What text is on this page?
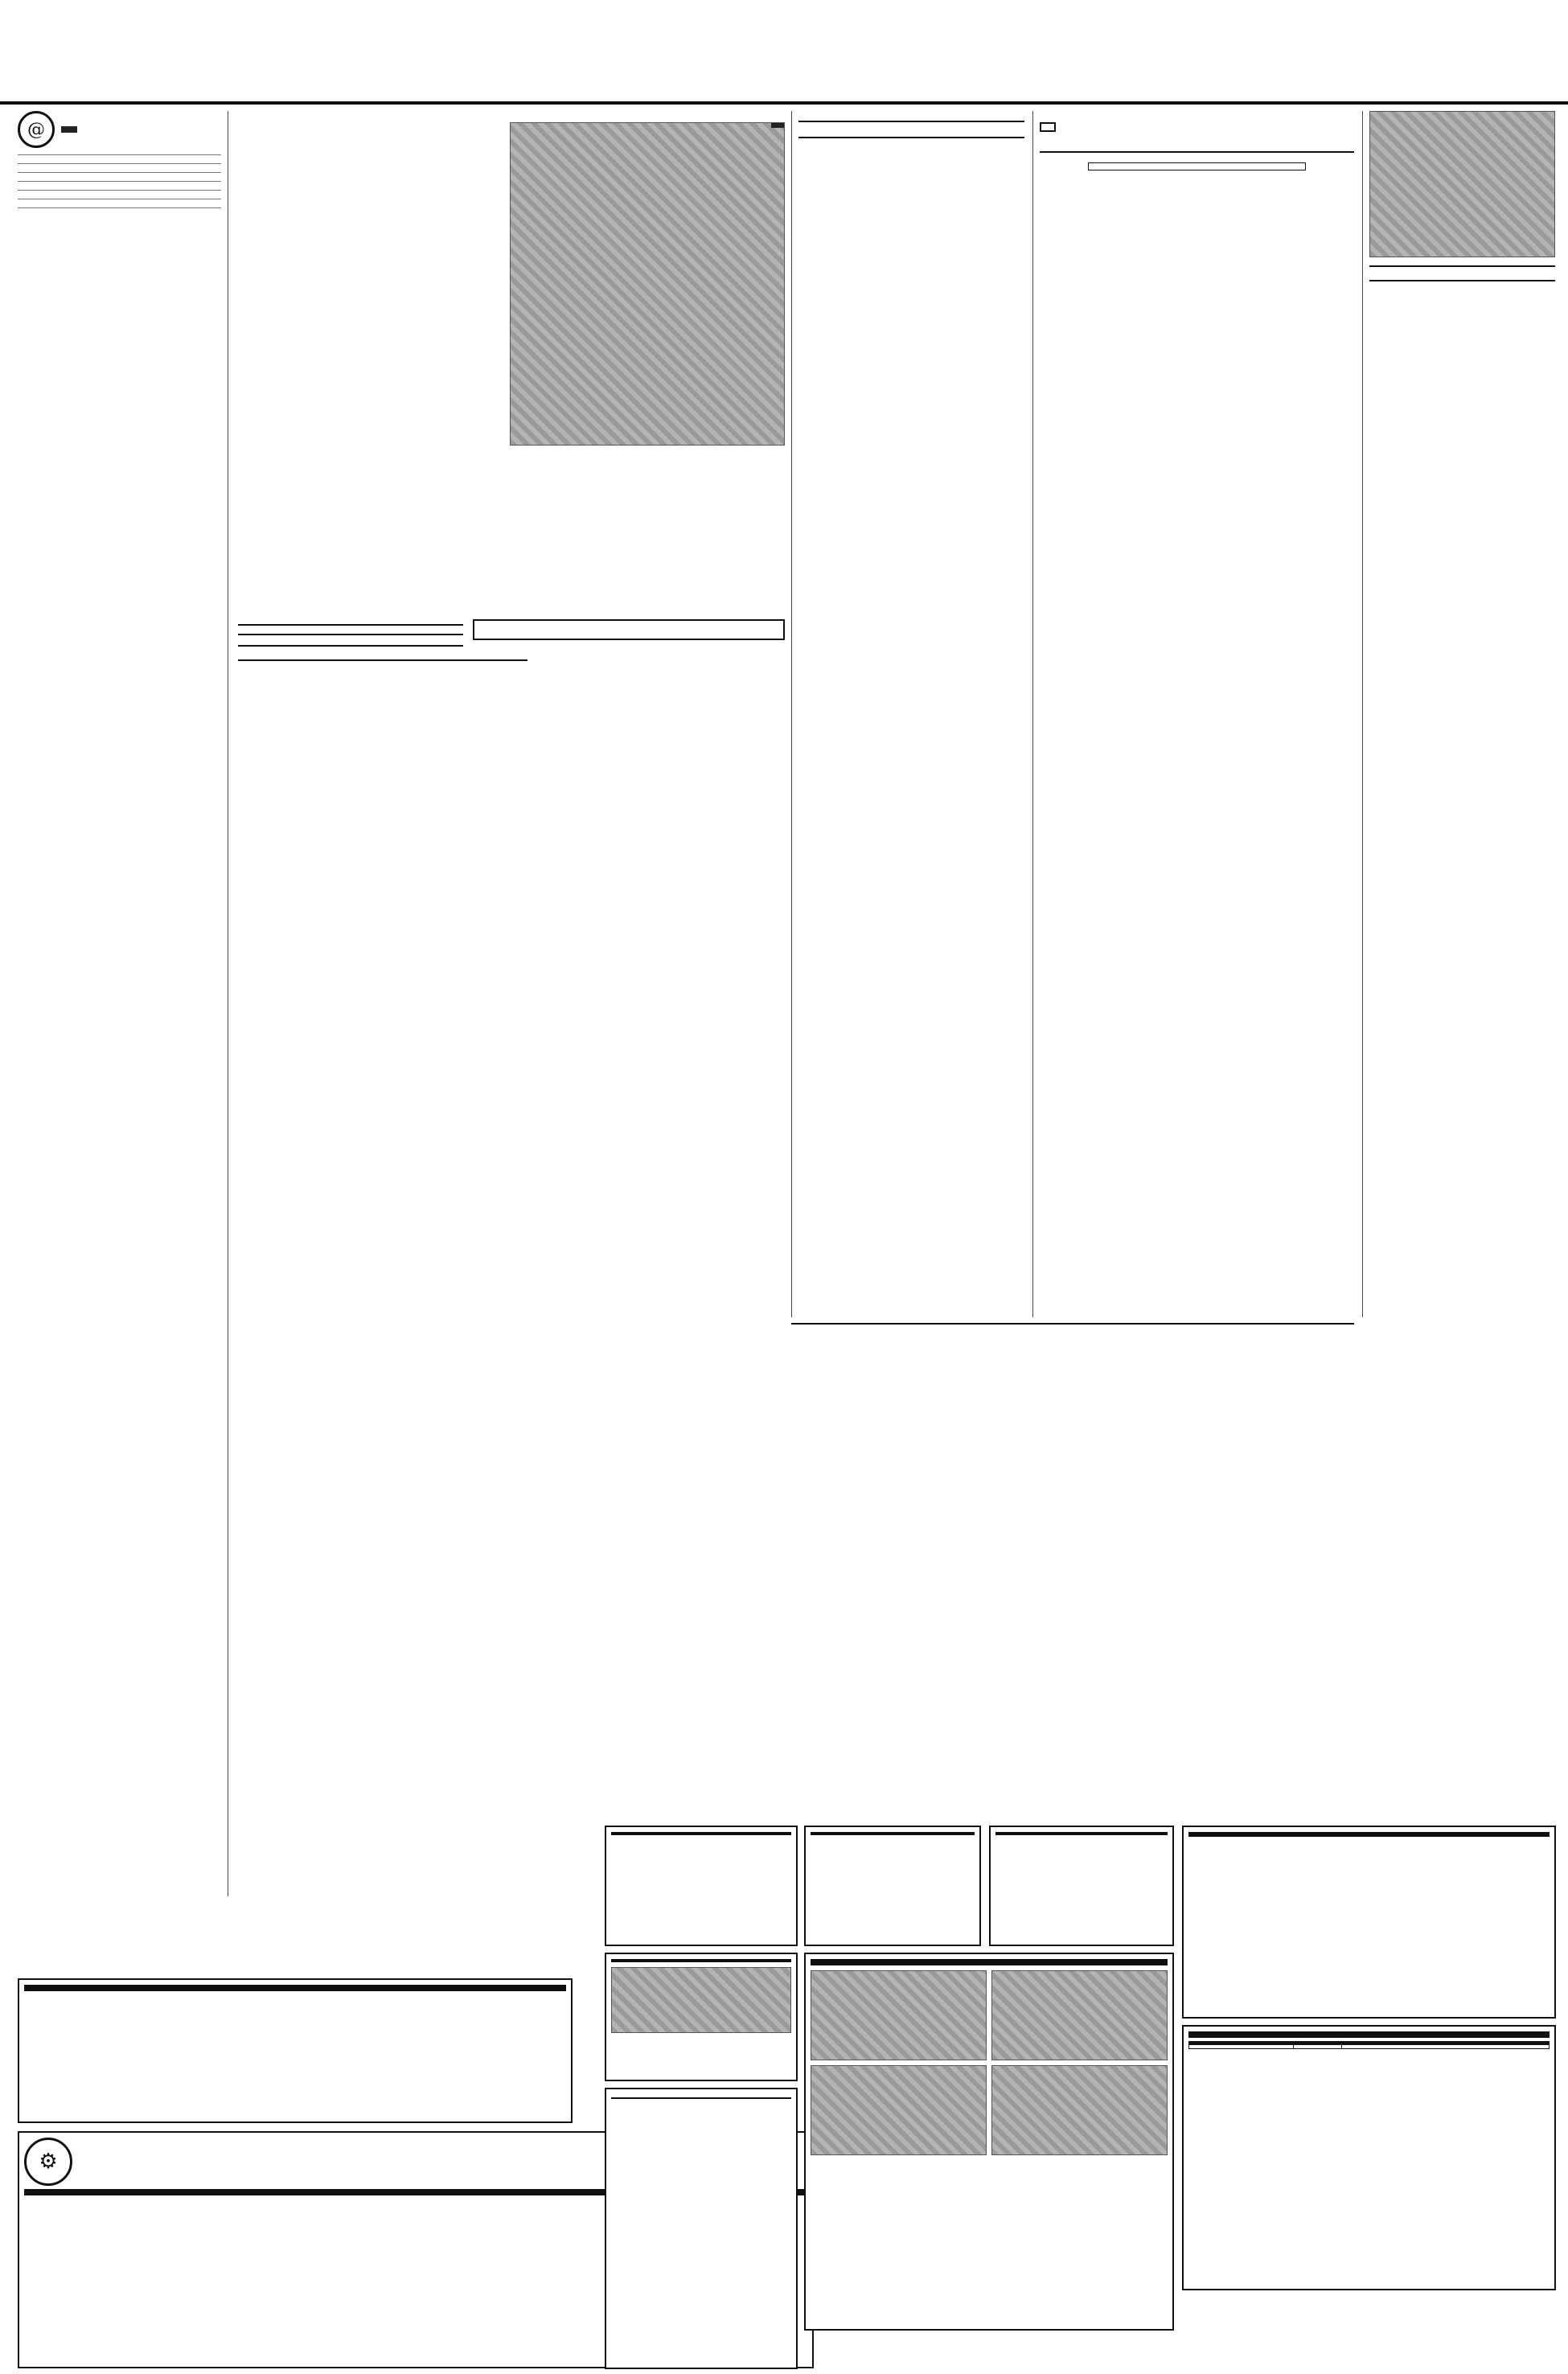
@
⚙
